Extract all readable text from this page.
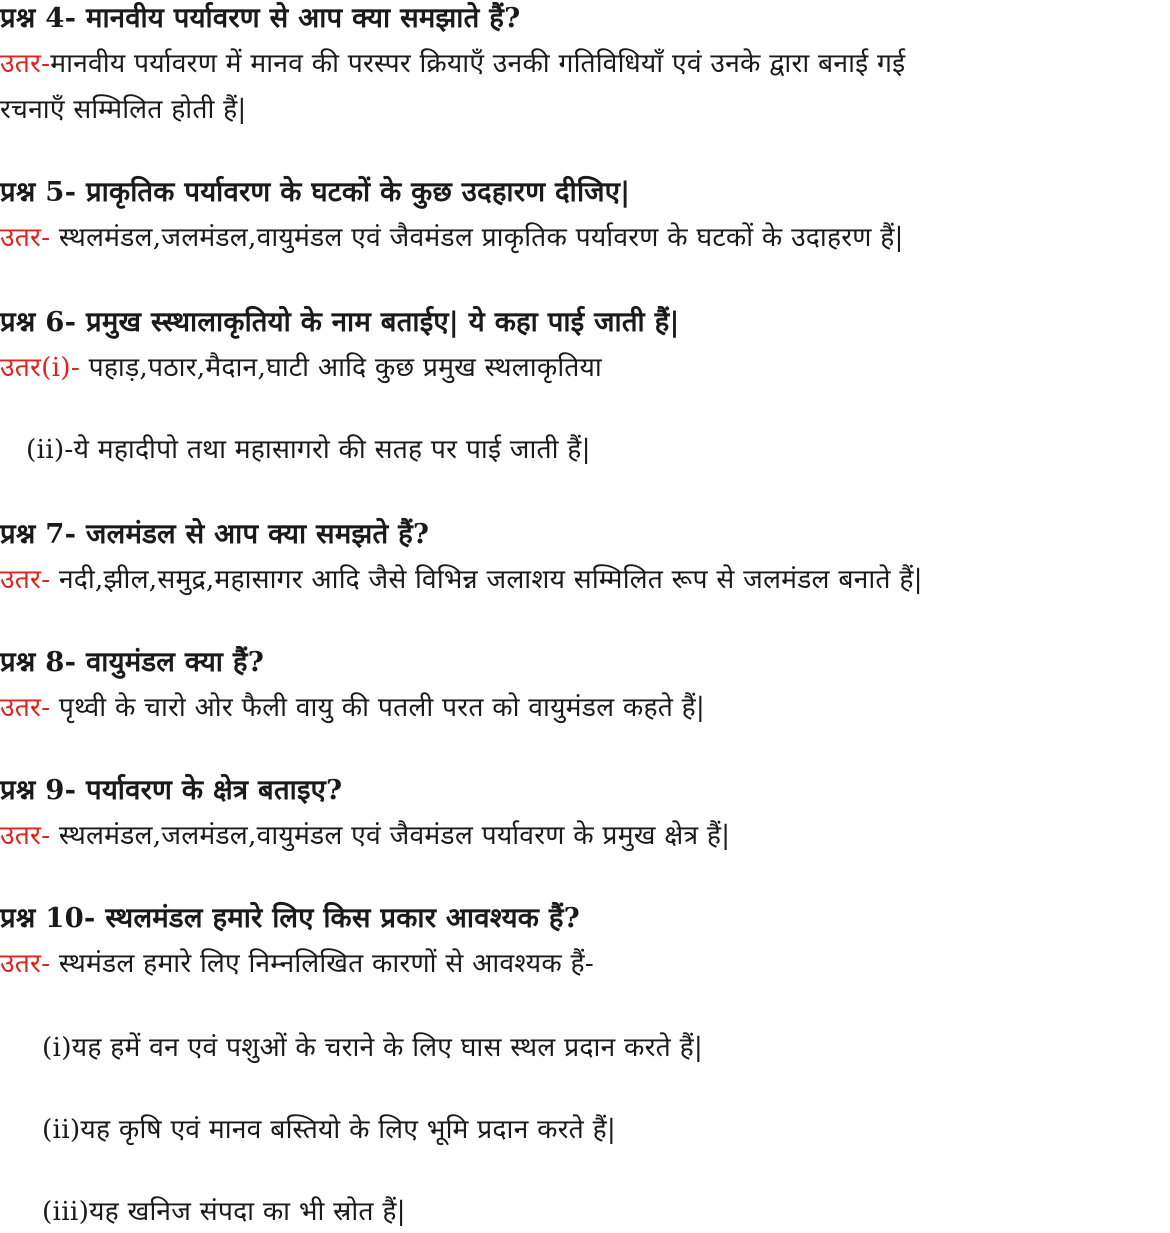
प्रश्न 4- मानवीय पर्यावरण से आप क्या समझाते हैं?
उतर-मानवीय पर्यावरण में मानव की परस्पर क्रियाएँ उनकी गतिविधियाँ एवं उनके द्वारा बनाई गई
रचनाएँ सम्मिलित होती हैं|
प्रश्न 5- प्राकृतिक पर्यावरण के घटकों के कुछ उदहारण दीजिए|
उतर- स्थलमंडल,जलमंडल,वायुमंडल एवं जैवमंडल प्राकृतिक पर्यावरण के घटकों के उदाहरण हैं|
प्रश्न 6- प्रमुख स्स्थालाकृतियो के नाम बताईए| ये कहा पाई जाती हैं|
उतर(i)- पहाड़,पठार,मैदान,घाटी आदि कुछ प्रमुख स्थलाकृतिया
(ii)-ये महादीपो तथा महासागरो की सतह पर पाई जाती हैं|
प्रश्न 7- जलमंडल से आप क्या समझते हैं?
उतर- नदी,झील,समुद्र,महासागर आदि जैसे विभिन्न जलाशय सम्मिलित रूप से जलमंडल बनाते हैं|
प्रश्न 8- वायुमंडल क्या हैं?
उतर- पृथ्वी के चारो ओर फैली वायु की पतली परत को वायुमंडल कहते हैं|
प्रश्न 9- पर्यावरण के क्षेत्र बताइए?
उतर- स्थलमंडल,जलमंडल,वायुमंडल एवं जैवमंडल पर्यावरण के प्रमुख क्षेत्र हैं|
प्रश्न 10- स्थलमंडल हमारे लिए किस प्रकार आवश्यक हैं?
उतर- स्थमंडल हमारे लिए निम्नलिखित कारणों से आवश्यक हैं-
(i)यह हमें वन एवं पशुओं के चराने के लिए घास स्थल प्रदान करते हैं|
(ii)यह कृषि एवं मानव बस्तियो के लिए भूमि प्रदान करते हैं|
(iii)यह खनिज संपदा का भी स्रोत हैं|
